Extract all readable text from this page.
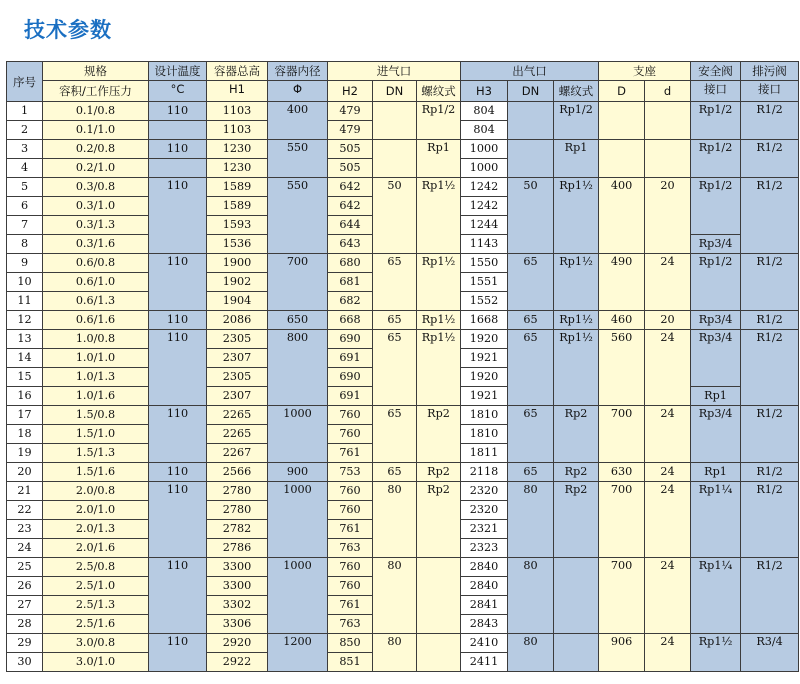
技术参数
序号	规格	设计温度	容器总高	容器内径	进气口			出气口			支座		安全阀	排污阀
	容积/工作压力	°C	H1	Φ	H2	DN	螺纹式	H3	DN	螺纹式	D	d	接口	接口
1	0.1/0.8	110	1103	400	479		Rp1/2	804		Rp1/2			Rp1/2	R1/2
2	0.1/1.0		1103		479			804						
3	0.2/0.8	110	1230	550	505		Rp1	1000		Rp1			Rp1/2	R1/2
4	0.2/1.0		1230		505			1000						
5	0.3/0.8	110	1589	550	642	50	Rp1½	1242	50	Rp1½	400	20	Rp1/2	R1/2
6	0.3/1.0		1589		642			1242						
7	0.3/1.3		1593		644			1244						
8	0.3/1.6		1536		643			1143					Rp3/4	
9	0.6/0.8	110	1900	700	680	65	Rp1½	1550	65	Rp1½	490	24	Rp1/2	R1/2
10	0.6/1.0		1902		681			1551						
11	0.6/1.3		1904		682			1552						
12	0.6/1.6	110	2086	650	668	65	Rp1½	1668	65	Rp1½	460	20	Rp3/4	R1/2
13	1.0/0.8	110	2305	800	690	65	Rp1½	1920	65	Rp1½	560	24	Rp3/4	R1/2
14	1.0/1.0		2307		691			1921						
15	1.0/1.3		2305		690			1920						
16	1.0/1.6		2307		691			1921					Rp1	
17	1.5/0.8	110	2265	1000	760	65	Rp2	1810	65	Rp2	700	24	Rp3/4	R1/2
18	1.5/1.0		2265		760			1810						
19	1.5/1.3		2267		761			1811						
20	1.5/1.6	110	2566	900	753	65	Rp2	2118	65	Rp2	630	24	Rp1	R1/2
21	2.0/0.8	110	2780	1000	760	80	Rp2	2320	80	Rp2	700	24	Rp1¼	R1/2
22	2.0/1.0		2780		760			2320						
23	2.0/1.3		2782		761			2321						
24	2.0/1.6		2786		763			2323						
25	2.5/0.8	110	3300	1000	760	80		2840	80		700	24	Rp1¼	R1/2
26	2.5/1.0		3300		760			2840						
27	2.5/1.3		3302		761			2841						
28	2.5/1.6		3306		763			2843						
29	3.0/0.8	110	2920	1200	850	80		2410	80		906	24	Rp1½	R3/4
30	3.0/1.0		2922		851			2411						
